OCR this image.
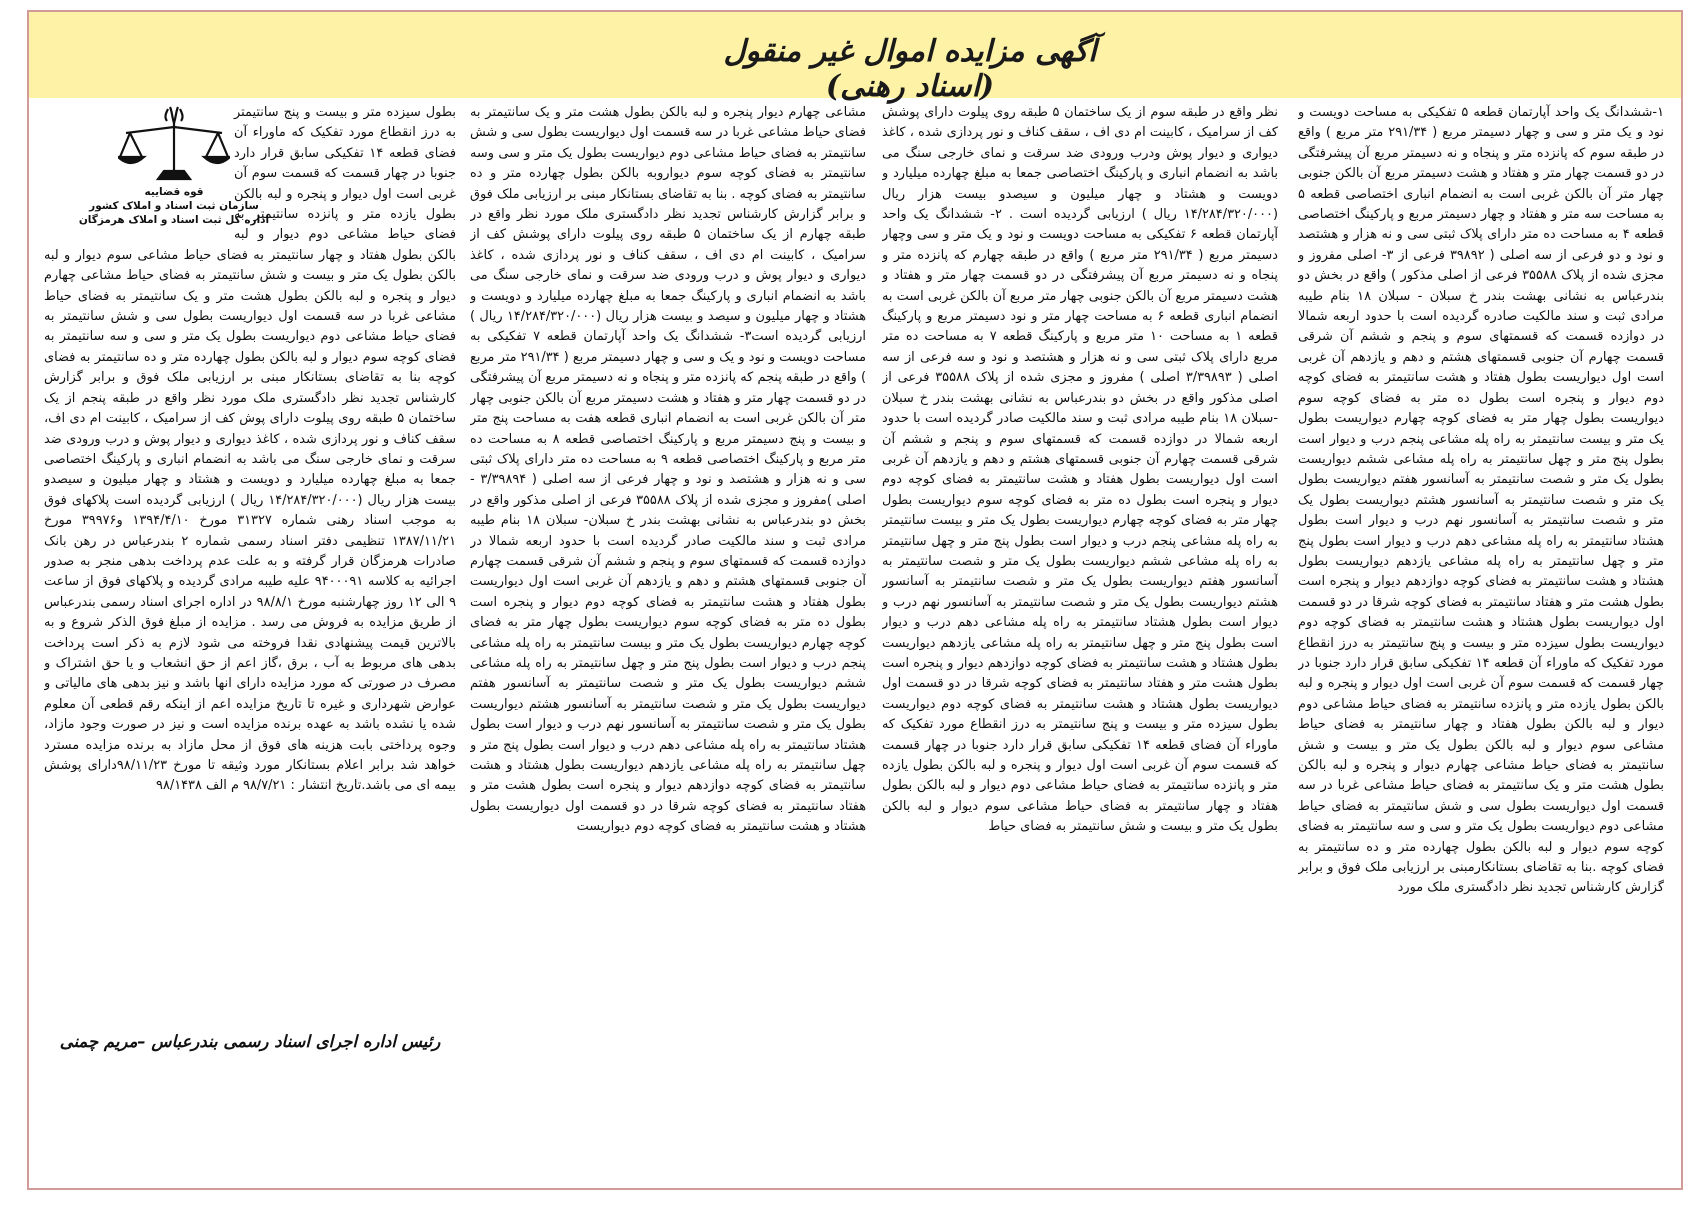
آگهی مزایده اموال غیر منقول (اسناد رهنی)
قوه قضاییه
سازمان ثبت اسناد و املاک کشور
اداره کل ثبت اسناد و املاک هرمزگان
۱-ششدانگ یک واحد آپارتمان قطعه ۵ تفکیکی به مساحت دویست و نود و یک متر و سی و چهار دسیمتر مربع ( ۲۹۱/۳۴ متر مربع ) واقع در طبقه سوم که پانزده متر و پنجاه و نه دسیمتر مربع آن پیشرفتگی در دو قسمت چهار متر و هفتاد و هشت دسیمتر مربع آن بالکن جنوبی چهار متر آن بالکن غربی است به انضمام انباری اختصاصی قطعه ۵ به مساحت سه متر و هفتاد و چهار دسیمتر مربع و پارکینگ اختصاصی قطعه ۴ به مساحت ده متر دارای پلاک ثبتی سی و نه هزار و هشتصد و نود و دو فرعی از سه اصلی ( ۳۹۸۹۲ فرعی از ۳- اصلی مفروز و مجزی شده از پلاک ۳۵۵۸۸ فرعی از اصلی مذکور ) واقع در بخش دو بندرعباس به نشانی بهشت بندر خ سبلان - سبلان ۱۸ بنام طیبه مرادی ثبت و سند مالکیت صادره گردیده است با حدود اربعه شمالا در دوازده قسمت که قسمتهای سوم و پنجم و ششم آن شرقی قسمت چهارم آن جنوبی قسمتهای هشتم و دهم و یازدهم آن غربی است اول دیواریست بطول هفتاد و هشت سانتیمتر به فضای کوچه دوم دیوار و پنجره است بطول ده متر به فضای کوچه سوم دیواریست بطول چهار متر به فضای کوچه چهارم دیواریست بطول یک متر و بیست سانتیمتر به راه پله مشاعی پنجم درب و دیوار است بطول پنج متر و چهل سانتیمتر به راه پله مشاعی ششم دیواریست بطول یک متر و شصت سانتیمتر به آسانسور هفتم دیواریست بطول یک متر و شصت سانتیمتر به آسانسور هشتم دیواریست بطول یک متر و شصت سانتیمتر به آسانسور نهم درب و دیوار است بطول هشتاد سانتیمتر به راه پله مشاعی دهم درب و دیوار است بطول پنج متر و چهل سانتیمتر به راه پله مشاعی یازدهم دیواریست بطول هشتاد و هشت سانتیمتر به فضای کوچه دوازدهم دیوار و پنجره است بطول هشت متر و هفتاد سانتیمتر به فضای کوچه شرقا در دو قسمت اول دیواریست بطول هشتاد و هشت سانتیمتر به فضای کوچه دوم دیواریست بطول سیزده متر و بیست و پنج سانتیمتر به درز انقطاع مورد تفکیک که ماوراء آن قطعه ۱۴ تفکیکی سابق قرار دارد جنوبا در چهار قسمت که قسمت سوم آن غربی است اول دیوار و پنجره و لبه بالکن بطول یازده متر و پانزده سانتیمتر به فضای حیاط مشاعی دوم دیوار و لبه بالکن بطول هفتاد و چهار سانتیمتر به فضای حیاط مشاعی سوم دیوار و لبه بالکن بطول یک متر و بیست و شش سانتیمتر به فضای حیاط مشاعی چهارم دیوار و پنجره و لبه بالکن بطول هشت متر و یک سانتیمتر به فضای حیاط مشاعی غربا در سه قسمت اول دیواریست بطول سی و شش سانتیمتر به فضای حیاط مشاعی دوم دیواریست بطول یک متر و سی و سه سانتیمتر به فضای کوچه سوم دیوار و لبه بالکن بطول چهارده متر و ده سانتیمتر به فضای کوچه .بنا به تقاضای بستانکارمبنی بر ارزیابی ملک فوق و برابر گزارش کارشناس تجدید نظر دادگستری ملک مورد
نظر واقع در طبقه سوم از یک ساختمان ۵ طبقه روی پیلوت دارای پوشش کف از سرامیک ، کابینت ام دی اف ، سقف کناف و نور پردازی شده ، کاغذ دیواری و دیوار پوش ودرب ورودی ضد سرقت و نمای خارجی سنگ می باشد به انضمام انباری و پارکینگ اختصاصی جمعا به مبلغ چهارده میلیارد و دویست و هشتاد و چهار میلیون و سیصدو بیست هزار ریال (۱۴/۲۸۴/۳۲۰/۰۰۰ ریال ) ارزیابی گردیده است . ۲- ششدانگ یک واحد آپارتمان قطعه ۶ تفکیکی به مساحت دویست و نود و یک متر و سی وچهار دسیمتر مربع ( ۲۹۱/۳۴ متر مربع ) واقع در طبقه چهارم که پانزده متر و پنجاه و نه دسیمتر مربع آن پیشرفتگی در دو قسمت چهار متر و هفتاد و هشت دسیمتر مربع آن بالکن جنوبی چهار متر مربع آن بالکن غربی است به انضمام انباری قطعه ۶ به مساحت چهار متر و نود دسیمتر مربع و پارکینگ قطعه ۱ به مساحت ۱۰ متر مربع و پارکینگ قطعه ۷ به مساحت ده متر مربع دارای پلاک ثبتی سی و نه هزار و هشتصد و نود و سه فرعی از سه اصلی ( ۳/۳۹۸۹۳ اصلی ) مفروز و مجزی شده از پلاک ۳۵۵۸۸ فرعی از اصلی مذکور واقع در بخش دو بندرعباس به نشانی بهشت بندر خ سبلان -سبلان ۱۸ بنام طیبه مرادی ثبت و سند مالکیت صادر گردیده است با حدود اربعه شمالا در دوازده قسمت که قسمتهای سوم و پنجم و ششم آن شرقی قسمت چهارم آن جنوبی قسمتهای هشتم و دهم و یازدهم آن غربی است اول دیواریست بطول هفتاد و هشت سانتیمتر به فضای کوچه دوم دیوار و پنجره است بطول ده متر به فضای کوچه سوم دیواریست بطول چهار متر به فضای کوچه چهارم دیواریست بطول یک متر و بیست سانتیمتر به راه پله مشاعی پنجم درب و دیوار است بطول پنج متر و چهل سانتیمتر به راه پله مشاعی ششم دیواریست بطول یک متر و شصت سانتیمتر به آسانسور هفتم دیواریست بطول یک متر و شصت سانتیمتر به آسانسور هشتم دیواریست بطول یک متر و شصت سانتیمتر به آسانسور نهم درب و دیوار است بطول هشتاد سانتیمتر به راه پله مشاعی دهم درب و دیوار است بطول پنج متر و چهل سانتیمتر به راه پله مشاعی یازدهم دیواریست بطول هشتاد و هشت سانتیمتر به فضای کوچه دوازدهم دیوار و پنجره است بطول هشت متر و هفتاد سانتیمتر به فضای کوچه شرقا در دو قسمت اول دیواریست بطول هشتاد و هشت سانتیمتر به فضای کوچه دوم دیواریست بطول سیزده متر و بیست و پنج سانتیمتر به درز انقطاع مورد تفکیک که ماوراء آن فضای قطعه ۱۴ تفکیکی سابق قرار دارد جنوبا در چهار قسمت که قسمت سوم آن غربی است اول دیوار و پنجره و لبه بالکن بطول یازده متر و پانزده سانتیمتر به فضای حیاط مشاعی دوم دیوار و لبه بالکن بطول هفتاد و چهار سانتیمتر به فضای حیاط مشاعی سوم دیوار و لبه بالکن بطول یک متر و بیست و شش سانتیمتر به فضای حیاط
مشاعی چهارم دیوار پنجره و لبه بالکن بطول هشت متر و یک سانتیمتر به فضای حیاط مشاعی غربا در سه قسمت اول دیواریست بطول سی و شش سانتیمتر به فضای حیاط مشاعی دوم دیواریست بطول یک متر و سی وسه سانتیمتر به فضای کوچه سوم دیواروبه بالکن بطول چهارده متر و ده سانتیمتر به فضای کوچه . بنا به تقاضای بستانکار مبنی بر ارزیابی ملک فوق و برابر گزارش کارشناس تجدید نظر دادگستری ملک مورد نظر واقع در طبقه چهارم از یک ساختمان ۵ طبقه روی پیلوت دارای پوشش کف از سرامیک ، کابینت ام دی اف ، سقف کناف و نور پردازی شده ، کاغذ دیواری و دیوار پوش و درب ورودی ضد سرقت و نمای خارجی سنگ می باشد به انضمام انباری و پارکینگ جمعا به مبلغ چهارده میلیارد و دویست و هشتاد و چهار میلیون و سیصد و بیست هزار ریال (۱۴/۲۸۴/۳۲۰/۰۰۰ ریال ) ارزیابی گردیده است۳- ششدانگ یک واحد آپارتمان قطعه ۷ تفکیکی به مساحت دویست و نود و یک و سی و چهار دسیمتر مربع ( ۲۹۱/۳۴ متر مربع ) واقع در طبقه پنجم که پانزده متر و پنجاه و نه دسیمتر مربع آن پیشرفتگی در دو قسمت چهار متر و هفتاد و هشت دسیمتر مربع آن بالکن جنوبی چهار متر آن بالکن غربی است به انضمام انباری قطعه هفت به مساحت پنج متر و بیست و پنج دسیمتر مربع و پارکینگ اختصاصی قطعه ۸ به مساحت ده متر مربع و پارکینگ اختصاصی قطعه ۹ به مساحت ده متر دارای پلاک ثبتی سی و نه هزار و هشتصد و نود و چهار فرعی از سه اصلی ( ۳/۳۹۸۹۴ - اصلی )مفروز و مجزی شده از پلاک ۳۵۵۸۸ فرعی از اصلی مذکور واقع در بخش دو بندرعباس به نشانی بهشت بندر خ سبلان- سبلان ۱۸ بنام طیبه مرادی ثبت و سند مالکیت صادر گردیده است با حدود اربعه شمالا در دوازده قسمت که قسمتهای سوم و پنجم و ششم آن شرقی قسمت چهارم آن جنوبی قسمتهای هشتم و دهم و یازدهم آن غربی است اول دیواریست بطول هفتاد و هشت سانتیمتر به فضای کوچه دوم دیوار و پنجره است بطول ده متر به فضای کوچه سوم دیواریست بطول چهار متر به فضای کوچه چهارم دیواریست بطول یک متر و بیست سانتیمتر به راه پله مشاعی پنجم درب و دیوار است بطول پنج متر و چهل سانتیمتر به راه پله مشاعی ششم دیواریست بطول یک متر و شصت سانتیمتر به آسانسور هفتم دیواریست بطول یک متر و شصت سانتیمتر به آسانسور هشتم دیواریست بطول یک متر و شصت سانتیمتر به آسانسور نهم درب و دیوار است بطول هشتاد سانتیمتر به راه پله مشاعی دهم درب و دیوار است بطول پنج متر و چهل سانتیمتر به راه پله مشاعی یازدهم دیواریست بطول هشتاد و هشت سانتیمتر به فضای کوچه دوازدهم دیوار و پنجره است بطول هشت متر و هفتاد سانتیمتر به فضای کوچه شرقا در دو قسمت اول دیواریست بطول هشتاد و هشت سانتیمتر به فضای کوچه دوم دیواریست
بطول سیزده متر و بیست و پنج سانتیمتر به درز انقطاع مورد تفکیک که ماوراء آن فضای قطعه ۱۴ تفکیکی سابق قرار دارد جنوبا در چهار قسمت که قسمت سوم آن غربی است اول دیوار و پنجره و لبه بالکن بطول یازده متر و پانزده سانتیمتر به فضای حیاط مشاعی دوم دیوار و لبه بالکن بطول هفتاد و چهار سانتیمتر به فضای حیاط مشاعی سوم دیوار و لبه بالکن بطول یک متر و بیست و شش سانتیمتر به فضای حیاط مشاعی چهارم دیوار و پنجره و لبه بالکن بطول هشت متر و یک سانتیمتر به فضای حیاط مشاعی غربا در سه قسمت اول دیواریست بطول سی و شش سانتیمتر به فضای حیاط مشاعی دوم دیواریست بطول یک متر و سی و سه سانتیمتر به فضای کوچه سوم دیوار و لبه بالکن بطول چهارده متر و ده سانتیمتر به فضای کوچه بنا به تقاضای بستانکار مبنی بر ارزیابی ملک فوق و برابر گزارش کارشناس تجدید نظر دادگستری ملک مورد نظر واقع در طبقه پنجم از یک ساختمان ۵ طبقه روی پیلوت دارای پوش کف از سرامیک ، کابینت ام دی اف، سقف کناف و نور پردازی شده ، کاغذ دیواری و دیوار پوش و درب ورودی ضد سرقت و نمای خارجی سنگ می باشد به انضمام انباری و پارکینگ اختصاصی جمعا به مبلغ چهارده میلیارد و دویست و هشتاد و چهار میلیون و سیصدو بیست هزار ریال (۱۴/۲۸۴/۳۲۰/۰۰۰ ریال ) ارزیابی گردیده است پلاکهای فوق به موجب اسناد رهنی شماره ۳۱۳۲۷ مورخ ۱۳۹۴/۴/۱۰ و۳۹۹۷۶ مورخ ۱۳۸۷/۱۱/۲۱ تنظیمی دفتر اسناد رسمی شماره ۲ بندرعباس در رهن بانک صادرات هرمزگان قرار گرفته و به علت عدم پرداخت بدهی منجر به صدور اجرائیه به کلاسه ۹۴۰۰۰۹۱ علیه طیبه مرادی گردیده و پلاکهای فوق از ساعت ۹ الی ۱۲ روز چهارشنبه مورخ ۹۸/۸/۱ در اداره اجرای اسناد رسمی بندرعباس از طریق مزایده به فروش می رسد . مزایده از مبلغ فوق الذکر شروع و به بالاترین قیمت پیشنهادی نقدا فروخته می شود لازم به ذکر است پرداخت بدهی های مربوط به آب ، برق ،گاز اعم از حق انشعاب و یا حق اشتراک و مصرف در صورتی که مورد مزایده دارای انها باشد و نیز بدهی های مالیاتی و عوارض شهرداری و غیره تا تاریخ مزایده اعم از اینکه رقم قطعی آن معلوم شده یا نشده باشد به عهده برنده مزایده است و نیز در صورت وجود مازاد، وجوه پرداختی بابت هزینه های فوق از محل مازاد به برنده مزایده مسترد خواهد شد برابر اعلام بستانکار مورد وثیقه تا مورخ ۹۸/۱۱/۲۳دارای پوشش بیمه ای می باشد.تاریخ انتشار : ۹۸/۷/۲۱ م الف ۹۸/۱۴۳۸
رئیس اداره اجرای اسناد رسمی بندرعباس –مریم چمنی
